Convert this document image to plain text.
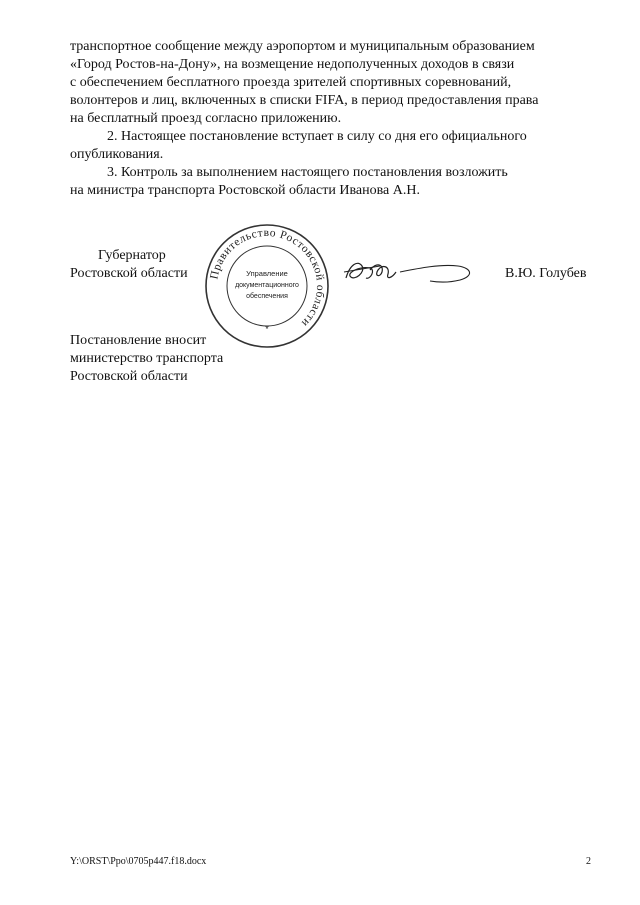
транспортное сообщение между аэропортом и муниципальным образованием

«Город Ростов-на-Дону», на возмещение недополученных доходов в связи

с обеспечением бесплатного проезда зрителей спортивных соревнований,

волонтеров и лиц, включенных в списки FIFA, в период предоставления права

на бесплатный проезд согласно приложению.

2. Настоящее постановление вступает в силу со дня его официального

опубликования.

3. Контроль за выполнением настоящего постановления возложить

на министра транспорта Ростовской области Иванова А.Н.

Губернатор
Ростовской области Правительство Ростовской области
Управление
документационного
обеспечения
*
В.Ю. Голубев
Постановление вносит
министерство транспорта
Ростовской области
Y:\ORST\Ppo\0705p447.f18.docx	2
